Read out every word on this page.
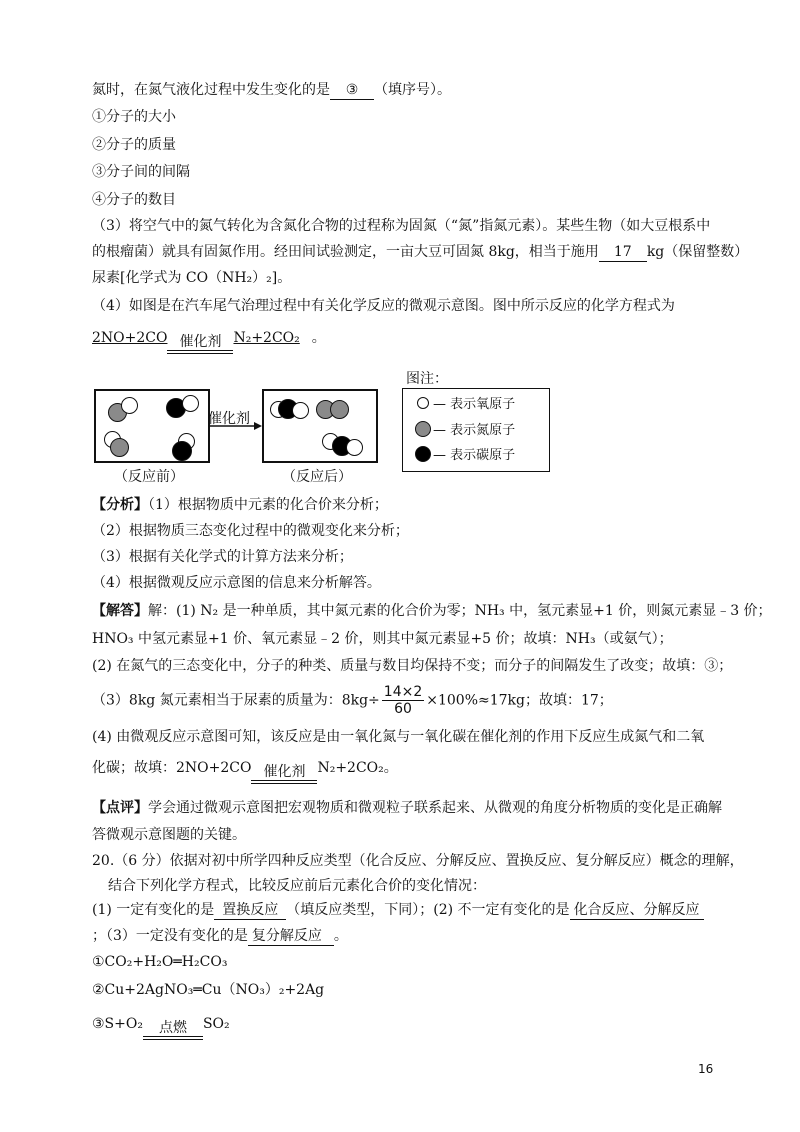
氮时，在氮气液化过程中发生变化的是 ③ （填序号）。
①分子的大小
②分子的质量
③分子间的间隔
④分子的数目
（3）将空气中的氮气转化为含氮化合物的过程称为固氮（“氮”指氮元素）。某些生物（如大豆根系中
的根瘤菌）就具有固氮作用。经田间试验测定，一亩大豆可固氮 8kg，相当于施用 17 kg（保留整数）
尿素[化学式为 CO（NH₂）₂]。
（4）如图是在汽车尾气治理过程中有关化学反应的微观示意图。图中所示反应的化学方程式为
2NO+2CO 催化剂 N₂+2CO₂ 。
催化剂
（反应前）	（反应后）
图注：
— 表示氧原子
— 表示氮原子
— 表示碳原子
【分析】（1）根据物质中元素的化合价来分析；
（2）根据物质三态变化过程中的微观变化来分析；
（3）根据有关化学式的计算方法来分析；
（4）根据微观反应示意图的信息来分析解答。
【解答】解：(1) N₂ 是一种单质，其中氮元素的化合价为零；NH₃ 中，氢元素显+1 价，则氮元素显﹣3 价；
HNO₃ 中氢元素显+1 价、氧元素显﹣2 价，则其中氮元素显+5 价；故填：NH₃（或氨气）；
(2) 在氮气的三态变化中，分子的种类、质量与数目均保持不变；而分子的间隔发生了改变；故填：③；
（3）8kg 氮元素相当于尿素的质量为：$8kg\div \frac{14\times 2}{60} \times 100\%\approx 17kg$；故填：17；
(4) 由微观反应示意图可知，该反应是由一氧化氮与一氧化碳在催化剂的作用下反应生成氮气和二氧
化碳；故填：2NO+2CO 催化剂 N₂+2CO₂。
【点评】学会通过微观示意图把宏观物质和微观粒子联系起来、从微观的角度分析物质的变化是正确解
答微观示意图题的关键。
20.（6 分）依据对初中所学四种反应类型（化合反应、分解反应、置换反应、复分解反应）概念的理解，
结合下列化学方程式，比较反应前后元素化合价的变化情况：
(1) 一定有变化的是 置换反应 （填反应类型，下同）；(2) 不一定有变化的是 化合反应、分解反应
；（3）一定没有变化的是 复分解反应 。
①CO₂+H₂O═H₂CO₃
②Cu+2AgNO₃═Cu（NO₃）₂+2Ag
③S+O₂	点燃	SO₂
16
